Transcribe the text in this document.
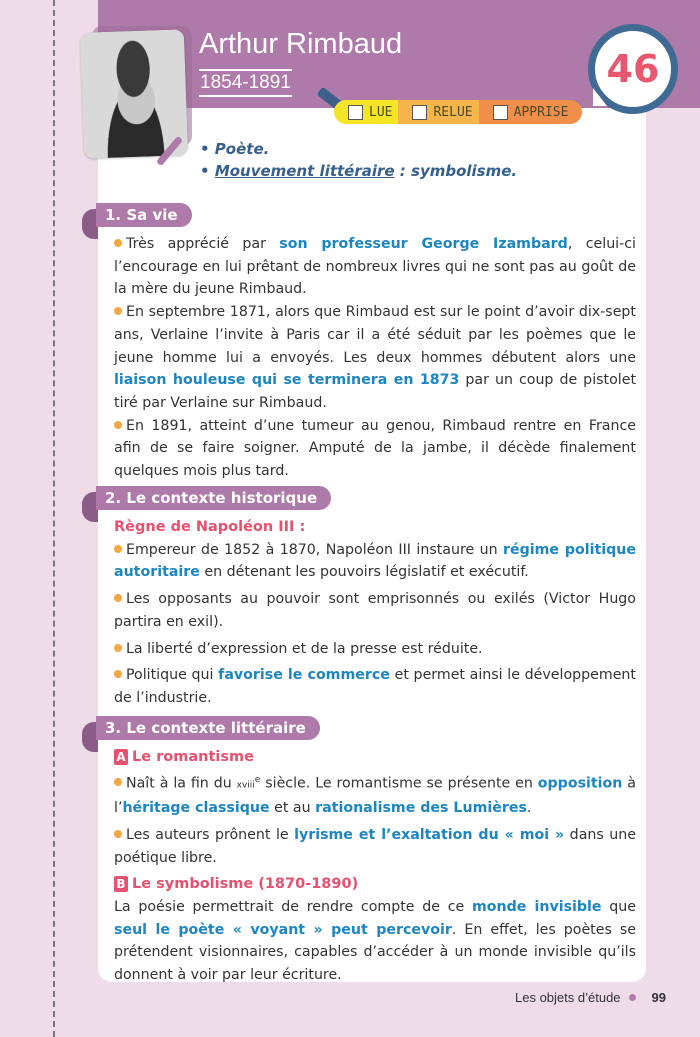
Arthur Rimbaud
1854-1891
LUE	RELUE	APPRISE
46
• Poète.
• Mouvement littéraire : symbolisme.
1. Sa vie

Très apprécié par son professeur George Izambard, celui-ci l’encourage en lui prêtant de nombreux livres qui ne sont pas au goût de la mère du jeune Rimbaud.

En septembre 1871, alors que Rimbaud est sur le point d’avoir dix-sept ans, Verlaine l’invite à Paris car il a été séduit par les poèmes que le jeune homme lui a envoyés. Les deux hommes débutent alors une liaison houleuse qui se terminera en 1873 par un coup de pistolet tiré par Verlaine sur Rimbaud.

En 1891, atteint d’une tumeur au genou, Rimbaud rentre en France afin de se faire soigner. Amputé de la jambe, il décède finalement quelques mois plus tard.

2. Le contexte historique

Règne de Napoléon III :

Empereur de 1852 à 1870, Napoléon III instaure un régime politique autoritaire en détenant les pouvoirs législatif et exécutif.

Les opposants au pouvoir sont emprisonnés ou exilés (Victor Hugo partira en exil).

La liberté d’expression et de la presse est réduite.

Politique qui favorise le commerce et permet ainsi le développement de l’industrie.

3. Le contexte littéraire

A Le romantisme

Naît à la fin du xviii$^e$ siècle. Le romantisme se présente en opposition à l’héritage classique et au rationalisme des Lumières.

Les auteurs prônent le lyrisme et l’exaltation du « moi » dans une poétique libre.

B Le symbolisme (1870-1890)

La poésie permettrait de rendre compte de ce monde invisible que seul le poète « voyant » peut percevoir. En effet, les poètes se prétendent visionnaires, capables d’accéder à un monde invisible qu’ils donnent à voir par leur écriture.

Les objets d’étude 99
